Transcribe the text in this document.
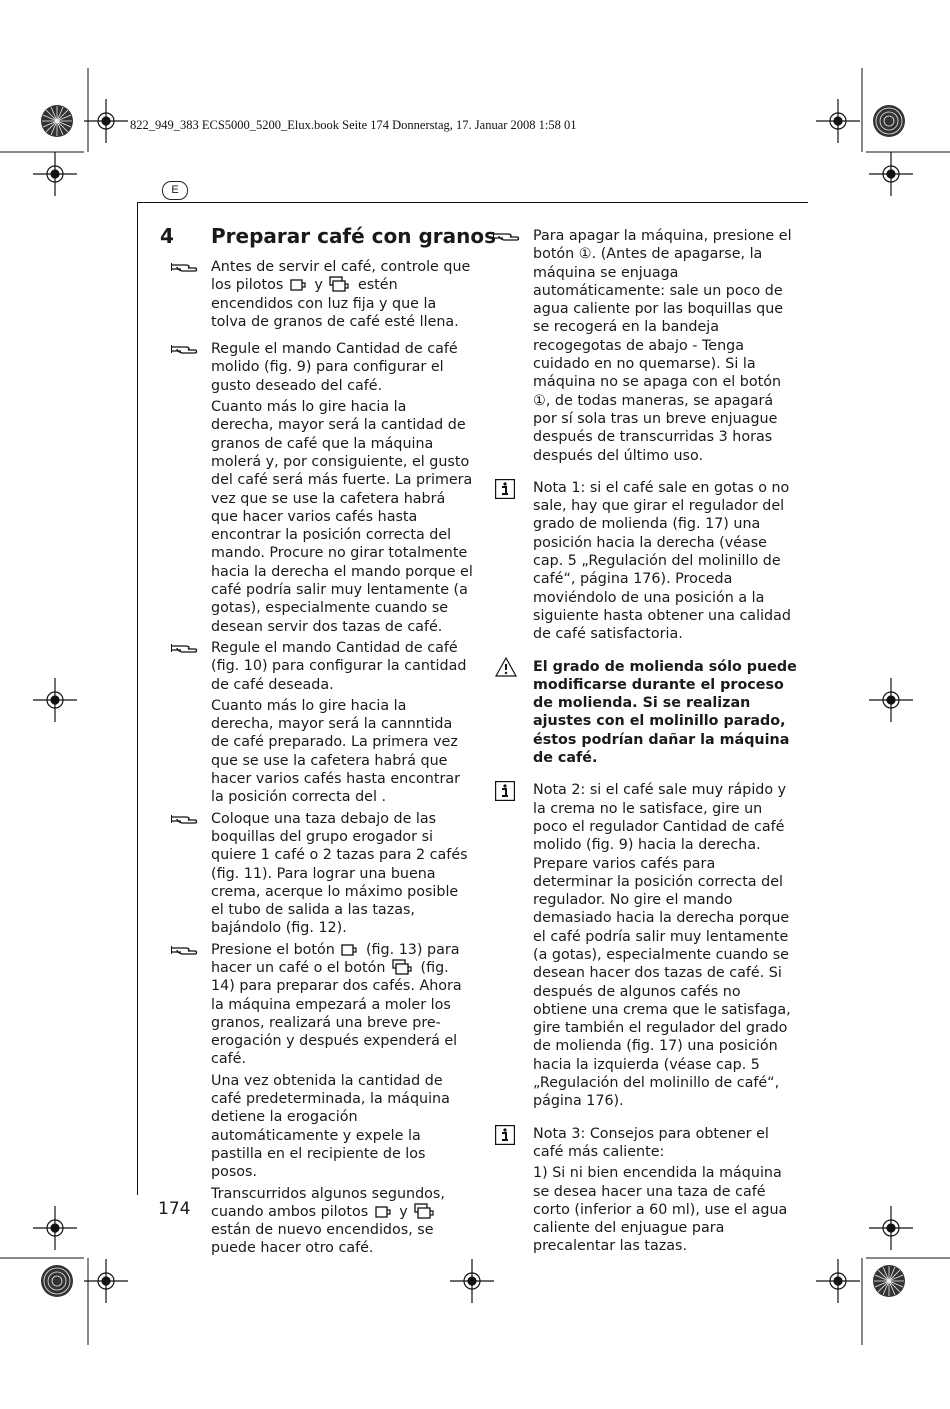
822_949_383 ECS5000_5200_Elux.book Seite 174 Donnerstag, 17. Januar 2008 1:58 01
E
4 Preparar café con granos

Antes de servir el café, controle que los pilotos y estén encendidos con luz fija y que la tolva de granos de café esté llena.

Regule el mando Cantidad de café molido (fig. 9) para configurar el gusto deseado del café.

Cuanto más lo gire hacia la derecha, mayor será la cantidad de granos de café que la máquina molerá y, por consiguiente, el gusto del café será más fuerte. La primera vez que se use la cafetera habrá que hacer varios cafés hasta encontrar la posición correcta del mando. Procure no girar totalmente hacia la derecha el mando porque el café podría salir muy lentamente (a gotas), especialmente cuando se desean servir dos tazas de café.

Regule el mando Cantidad de café (fig. 10) para configurar la cantidad de café deseada.

Cuanto más lo gire hacia la derecha, mayor será la cannntida de café preparado. La primera vez que se use la cafetera habrá que hacer varios cafés hasta encontrar la posición correcta del .

Coloque una taza debajo de las boquillas del grupo erogador si quiere 1 café o 2 tazas para 2 cafés (fig. 11). Para lograr una buena crema, acerque lo máximo posible el tubo de salida a las tazas, bajándolo (fig. 12).

Presione el botón (fig. 13) para hacer un café o el botón (fig. 14) para preparar dos cafés. Ahora la máquina empezará a moler los granos, realizará una breve pre-erogación y después expenderá el café.

Una vez obtenida la cantidad de café predeterminada, la máquina detiene la erogación automáticamente y expele la pastilla en el recipiente de los posos.

Transcurridos algunos segundos, cuando ambos pilotos y  están de nuevo encendidos, se puede hacer otro café.

Para apagar la máquina, presione el botón ①. (Antes de apagarse, la máquina se enjuaga automáticamente: sale un poco de agua caliente por las boquillas que se recogerá en la bandeja recogegotas de abajo - Tenga cuidado en no quemarse). Si la máquina no se apaga con el botón ①, de todas maneras, se apagará por sí sola tras un breve enjuague después de transcurridas 3 horas después del último uso.

Nota 1: si el café sale en gotas o no sale, hay que girar el regulador del grado de molienda (fig. 17) una posición hacia la derecha (véase cap. 5 „Regulación del molinillo de café“, página 176). Proceda moviéndolo de una posición a la siguiente hasta obtener una calidad de café satisfactoria.

El grado de molienda sólo puede modificarse durante el proceso de molienda. Si se realizan ajustes con el molinillo parado, éstos podrían dañar la máquina de café.

Nota 2: si el café sale muy rápido y la crema no le satisface, gire un poco el regulador Cantidad de café molido (fig. 9) hacia la derecha. Prepare varios cafés para determinar la posición correcta del regulador. No gire el mando demasiado hacia la derecha porque el café podría salir muy lentamente (a gotas), especialmente cuando se desean hacer dos tazas de café. Si después de algunos cafés no obtiene una crema que le satisfaga, gire también el regulador del grado de molienda (fig. 17) una posición hacia la izquierda (véase cap. 5 „Regulación del molinillo de café“, página 176).

Nota 3: Consejos para obtener el café más caliente:

1) Si ni bien encendida la máquina se desea hacer una taza de café corto (inferior a 60 ml), use el agua caliente del enjuague para precalentar las tazas.

174
